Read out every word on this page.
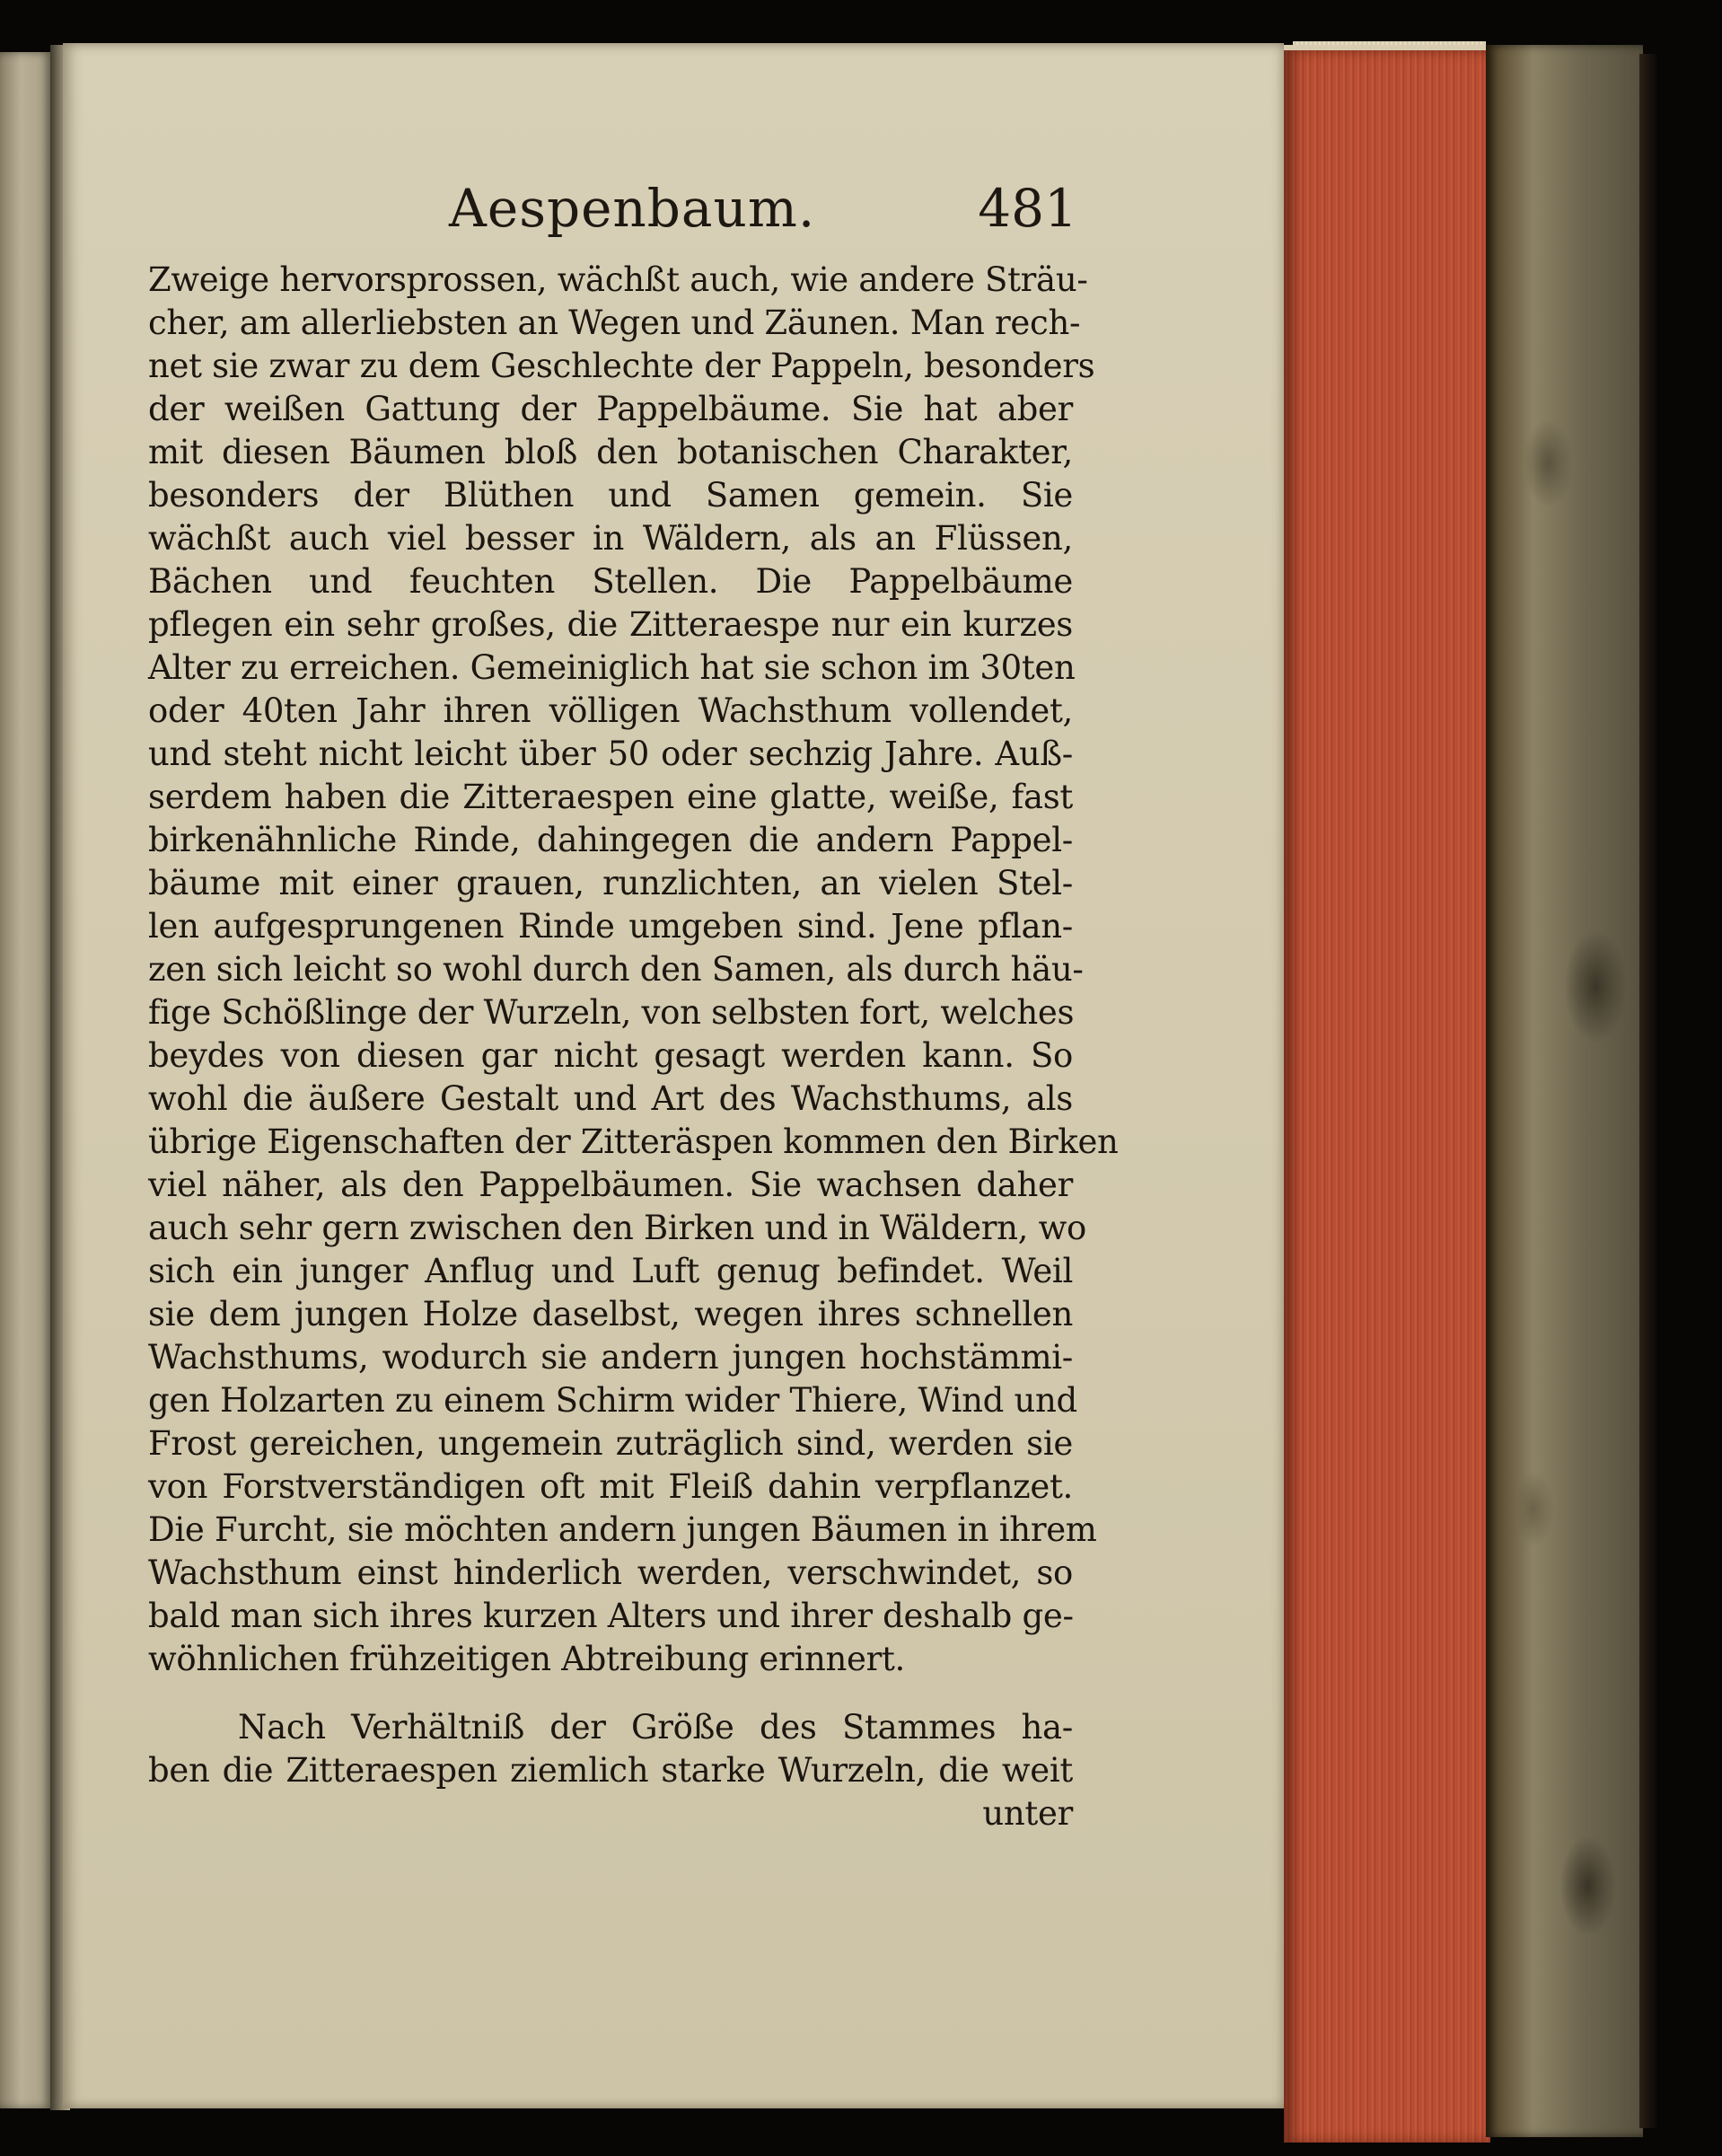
Aespenbaum.	481
Zweige hervorsprossen, wächßt auch, wie andere Sträu-
cher, am allerliebsten an Wegen und Zäunen. Man rech-
net sie zwar zu dem Geschlechte der Pappeln, besonders
der weißen Gattung der Pappelbäume. Sie hat aber
mit diesen Bäumen bloß den botanischen Charakter,
besonders der Blüthen und Samen gemein. Sie
wächßt auch viel besser in Wäldern, als an Flüssen,
Bächen und feuchten Stellen. Die Pappelbäume
pflegen ein sehr großes, die Zitteraespe nur ein kurzes
Alter zu erreichen. Gemeiniglich hat sie schon im 30ten
oder 40ten Jahr ihren völligen Wachsthum vollendet,
und steht nicht leicht über 50 oder sechzig Jahre. Auß-
serdem haben die Zitteraespen eine glatte, weiße, fast
birkenähnliche Rinde, dahingegen die andern Pappel-
bäume mit einer grauen, runzlichten, an vielen Stel-
len aufgesprungenen Rinde umgeben sind. Jene pflan-
zen sich leicht so wohl durch den Samen, als durch häu-
fige Schößlinge der Wurzeln, von selbsten fort, welches
beydes von diesen gar nicht gesagt werden kann. So
wohl die äußere Gestalt und Art des Wachsthums, als
übrige Eigenschaften der Zitteräspen kommen den Birken
viel näher, als den Pappelbäumen. Sie wachsen daher
auch sehr gern zwischen den Birken und in Wäldern, wo
sich ein junger Anflug und Luft genug befindet. Weil
sie dem jungen Holze daselbst, wegen ihres schnellen
Wachsthums, wodurch sie andern jungen hochstämmi-
gen Holzarten zu einem Schirm wider Thiere, Wind und
Frost gereichen, ungemein zuträglich sind, werden sie
von Forstverständigen oft mit Fleiß dahin verpflanzet.
Die Furcht, sie möchten andern jungen Bäumen in ihrem
Wachsthum einst hinderlich werden, verschwindet, so
bald man sich ihres kurzen Alters und ihrer deshalb ge-
wöhnlichen frühzeitigen Abtreibung erinnert.
Nach Verhältniß der Größe des Stammes ha-
ben die Zitteraespen ziemlich starke Wurzeln, die weit
unter
